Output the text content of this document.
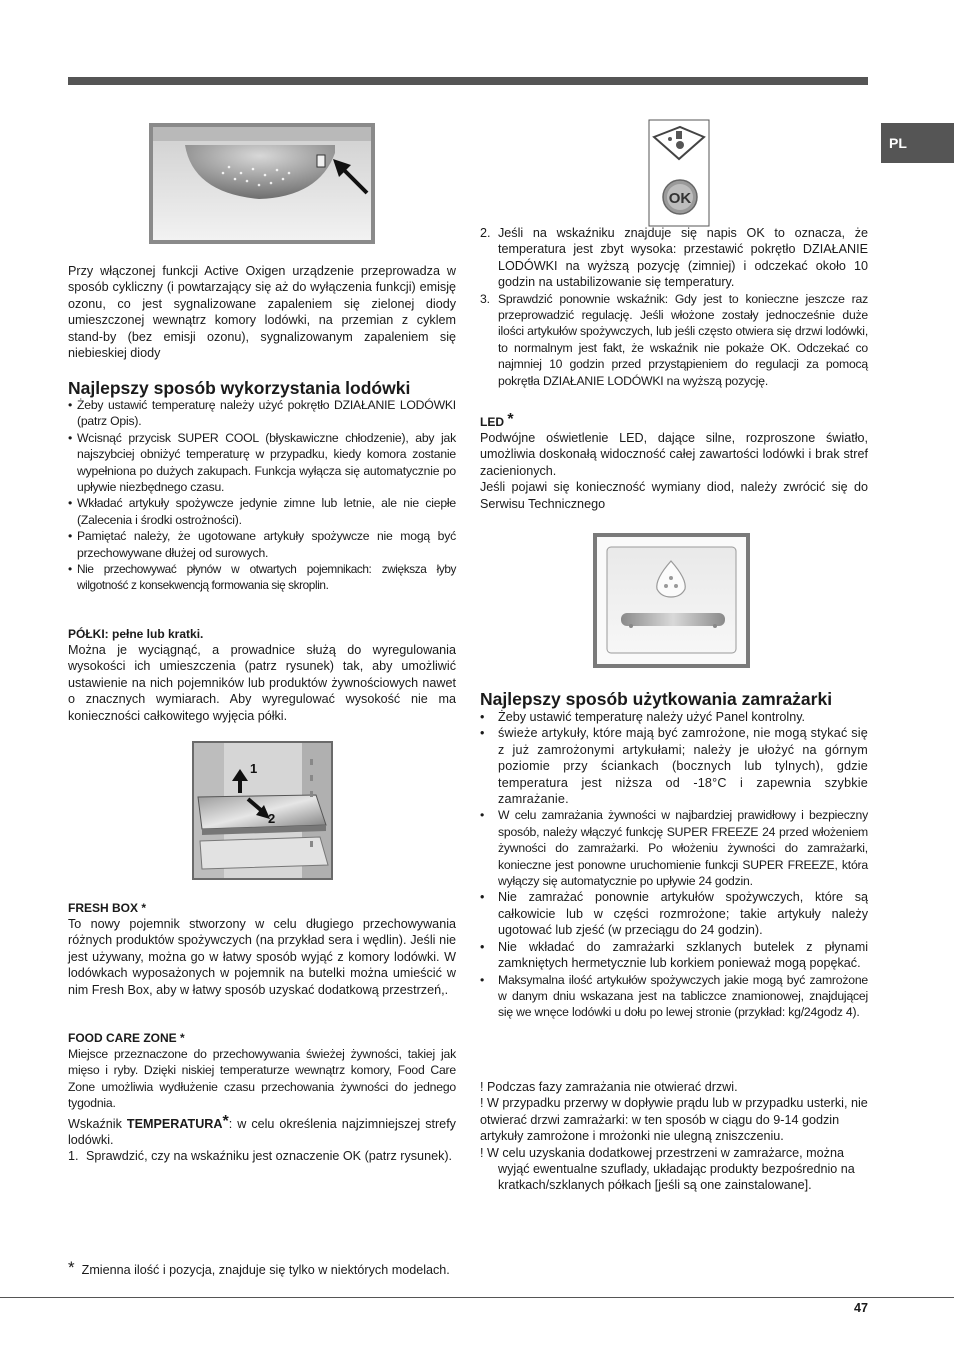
PL

Przy włączonej funkcji Active Oxigen urządzenie przeprowadza w sposób cykliczny (i powtarzający się aż do wyłączenia funkcji) emisję ozonu, co jest sygnalizowane zapaleniem się zielonej diody umieszczonej wewnątrz komory lodówki, na przemian z cyklem stand-by (bez emisji ozonu), sygnalizowanym zapaleniem się niebieskiej diody

Najlepszy sposób wykorzystania lodówki
• Żeby ustawić temperaturę należy użyć pokrętło DZIAŁANIE LODÓWKI (patrz Opis).
• Wcisnąć przycisk SUPER COOL (błyskawiczne chłodzenie), aby jak najszybciej obniżyć temperaturę w przypadku, kiedy komora zostanie wypełniona po dużych zakupach. Funkcja wyłącza się automatycznie po upływie niezbędnego czasu.
• Wkładać artykuły spożywcze jedynie zimne lub letnie, ale nie ciepłe (Zalecenia i środki ostrożności).
• Pamiętać należy, że ugotowane artykuły spożywcze nie mogą być przechowywane dłużej od surowych.
• Nie przechowywać płynów w otwartych pojemnikach: zwiększa łyby wilgotność z konsekwencją formowania się skroplin.
PÓŁKI: pełne lub kratki.

Można je wyciągnąć, a prowadnice służą do wyregulowania wysokości ich umieszczenia (patrz rysunek) tak, aby umożliwić ustawienie na nich pojemników lub produktów żywnościowych nawet o znacznych wymiarach. Aby wyregulować wysokość nie ma konieczności całkowitego wyjęcia półki.

1
2
FRESH BOX *

To nowy pojemnik stworzony w celu długiego przechowywania różnych produktów spożywczych (na przykład sera i wędlin). Jeśli nie jest używany, można go w łatwy sposób wyjąć z komory lodówki. W lodówkach wyposażonych w pojemnik na butelki można umieścić w nim Fresh Box, aby w łatwy sposób uzyskać dodatkową przestrzeń,.

FOOD CARE ZONE *

Miejsce przeznaczone do przechowywania świeżej żywności, takiej jak mięso i ryby. Dzięki niskiej temperaturze wewnątrz komory, Food Care Zone umożliwia wydłużenie czasu przechowania żywności do jednego tygodnia.

Wskaźnik TEMPERATURA*: w celu określenia najzimniejszej strefy lodówki.

1. Sprawdzić, czy na wskaźniku jest oznaczenie OK (patrz rysunek).

* Zmienna ilość i pozycja, znajduje się tylko w niektórych modelach.

OK
2. Jeśli na wskaźniku znajduje się napis OK to oznacza, że temperatura jest zbyt wysoka: przestawić pokrętło DZIAŁANIE LODÓWKI na wyższą pozycję (zimniej) i odczekać około 10 godzin na ustabilizowanie się temperatury.
3. Sprawdzić ponownie wskaźnik: Gdy jest to konieczne jeszcze raz przeprowadzić regulację. Jeśli włożone zostały jednocześnie duże ilości artykułów spożywczych, lub jeśli często otwiera się drzwi lodówki, to normalnym jest fakt, że wskaźnik nie pokaże OK. Odczekać co najmniej 10 godzin przed przystąpieniem do regulacji za pomocą pokrętła DZIAŁANIE LODÓWKI na wyższą pozycję.
LED *

Podwójne oświetlenie LED, dające silne, rozproszone światło, umożliwia doskonałą widoczność całej zawartości lodówki i brak stref zacienionych.

Jeśli pojawi się konieczność wymiany diod, należy zwrócić się do Serwisu Technicznego

Najlepszy sposób użytkowania zamrażarki
• Żeby ustawić temperaturę należy użyć Panel kontrolny.
• świeże artykuły, które mają być zamrożone, nie mogą stykać się z już zamrożonymi artykułami; należy je ułożyć na górnym poziomie przy ściankach (bocznych lub tylnych), gdzie temperatura jest niższa od -18°C i zapewnia szybkie zamrażanie.
• W celu zamrażania żywności w najbardziej prawidłowy i bezpieczny sposób, należy włączyć funkcję SUPER FREEZE 24 przed włożeniem żywności do zamrażarki. Po włożeniu żywności do zamrażarki, konieczne jest ponowne uruchomienie funkcji SUPER FREEZE, która wyłączy się automatycznie po upływie 24 godzin.
• Nie zamrażać ponownie artykułów spożywczych, które są całkowicie lub w części rozmrożone; takie artykuły należy ugotować lub zjeść (w przeciągu do 24 godzin).
• Nie wkładać do zamrażarki szklanych butelek z płynami zamkniętych hermetycznie lub korkiem ponieważ mogą popękać.
• Maksymalna ilość artykułów spożywczych jakie mogą być zamrożone w danym dniu wskazana jest na tabliczce znamionowej, znajdującej się we wnęce lodówki u dołu po lewej stronie (przykład: kg/24godz 4).

! Podczas fazy zamrażania nie otwierać drzwi.

! W przypadku przerwy w dopływie prądu lub w przypadku usterki, nie otwierać drzwi zamrażarki: w ten sposób w ciągu do 9-14 godzin artykuły zamrożone i mrożonki nie ulegną zniszczeniu.

! W celu uzyskania dodatkowej przestrzeni w zamrażarce, można wyjąć ewentualne szuflady, układając produkty bezpośrednio na kratkach/szklanych półkach [jeśli są one zainstalowane].

47
